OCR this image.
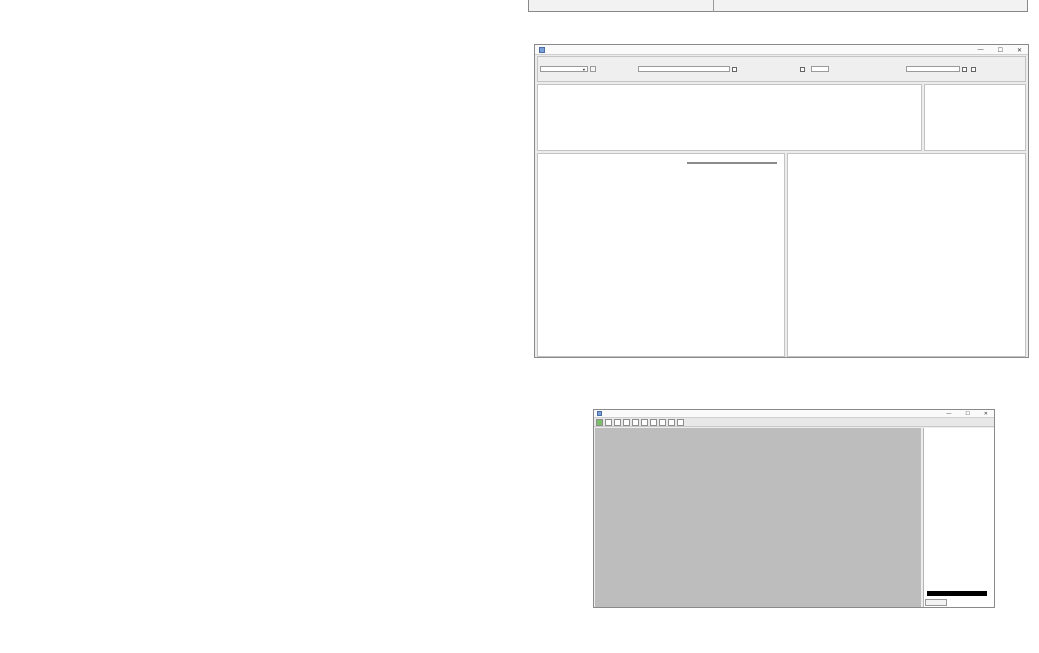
— ☐ ✕
▾
—	☐	✕
